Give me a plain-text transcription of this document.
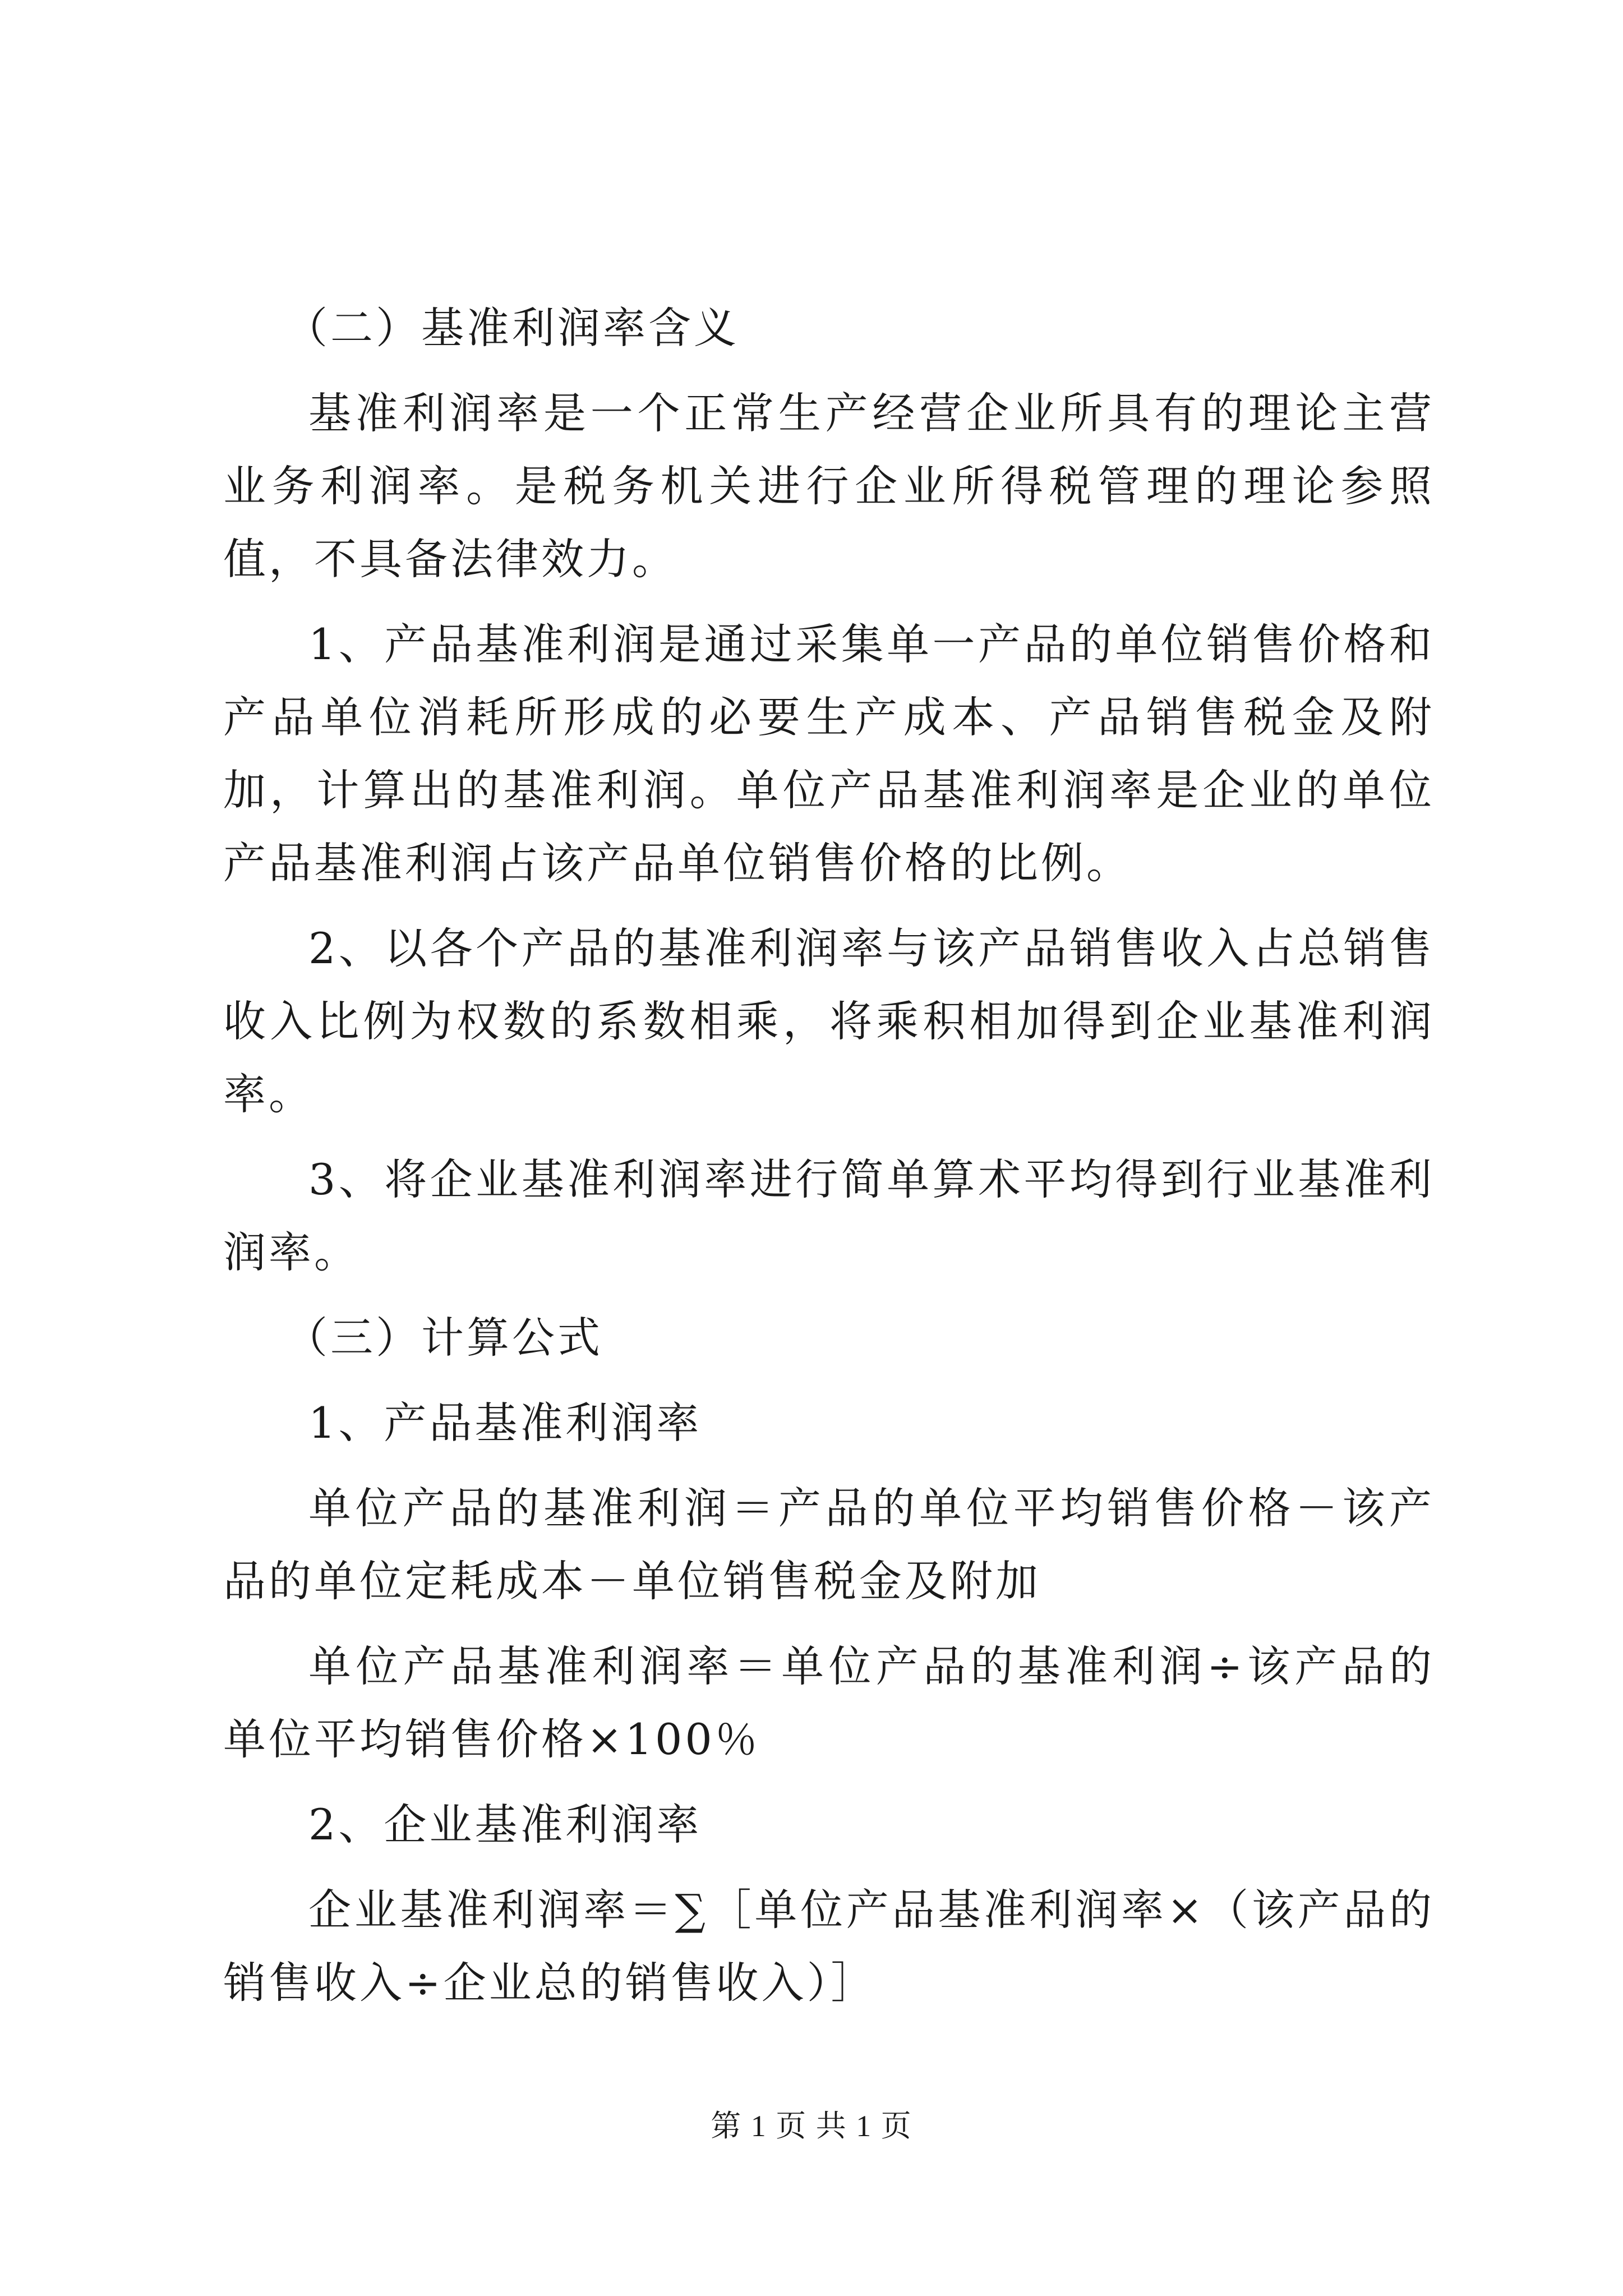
（二）基准利润率含义

基准利润率是一个正常生产经营企业所具有的理论主营业务利润率。是税务机关进行企业所得税管理的理论参照值，不具备法律效力。

1、产品基准利润是通过采集单一产品的单位销售价格和产品单位消耗所形成的必要生产成本、产品销售税金及附加，计算出的基准利润。单位产品基准利润率是企业的单位产品基准利润占该产品单位销售价格的比例。

2、以各个产品的基准利润率与该产品销售收入占总销售收入比例为权数的系数相乘，将乘积相加得到企业基准利润率。

3、将企业基准利润率进行简单算术平均得到行业基准利润率。

（三）计算公式

1、产品基准利润率

单位产品的基准利润＝产品的单位平均销售价格－该产品的单位定耗成本－单位销售税金及附加

单位产品基准利润率＝单位产品的基准利润÷该产品的单位平均销售价格×100％

2、企业基准利润率

企业基准利润率＝∑［单位产品基准利润率×（该产品的销售收入÷企业总的销售收入）］

第 1 页 共 1 页
